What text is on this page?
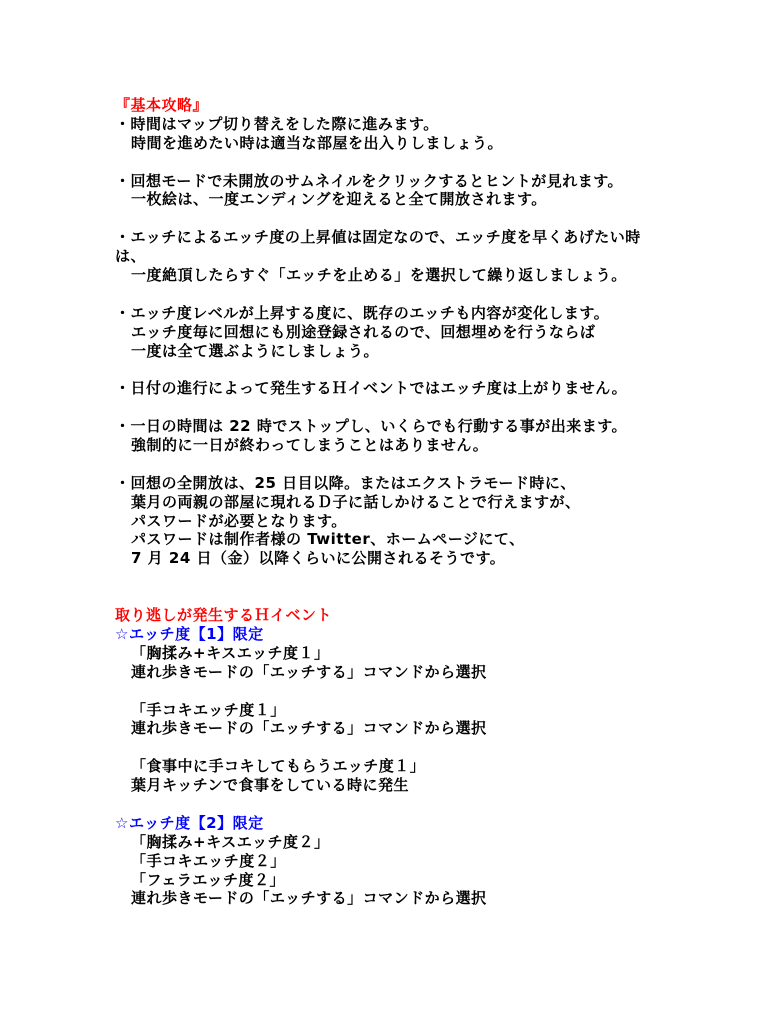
『基本攻略』
・時間はマップ切り替えをした際に進みます。
時間を進めたい時は適当な部屋を出入りしましょう。
・回想モードで未開放のサムネイルをクリックするとヒントが見れます。
一枚絵は、一度エンディングを迎えると全て開放されます。
・エッチによるエッチ度の上昇値は固定なので、エッチ度を早くあげたい時
は、
一度絶頂したらすぐ「エッチを止める」を選択して繰り返しましょう。
・エッチ度レベルが上昇する度に、既存のエッチも内容が変化します。
エッチ度毎に回想にも別途登録されるので、回想埋めを行うならば
一度は全て選ぶようにしましょう。
・日付の進行によって発生するＨイベントではエッチ度は上がりません。
・一日の時間は 22 時でストップし、いくらでも行動する事が出来ます。
強制的に一日が終わってしまうことはありません。
・回想の全開放は、25 日目以降。またはエクストラモード時に、
葉月の両親の部屋に現れるＤ子に話しかけることで行えますが、
パスワードが必要となります。
パスワードは制作者様の Twitter、ホームページにて、
7 月 24 日（金）以降くらいに公開されるそうです。
取り逃しが発生するＨイベント
☆エッチ度【1】限定
「胸揉み+キスエッチ度１」
連れ歩きモードの「エッチする」コマンドから選択
「手コキエッチ度１」
連れ歩きモードの「エッチする」コマンドから選択
「食事中に手コキしてもらうエッチ度１」
葉月キッチンで食事をしている時に発生
☆エッチ度【2】限定
「胸揉み+キスエッチ度２」
「手コキエッチ度２」
「フェラエッチ度２」
連れ歩きモードの「エッチする」コマンドから選択
